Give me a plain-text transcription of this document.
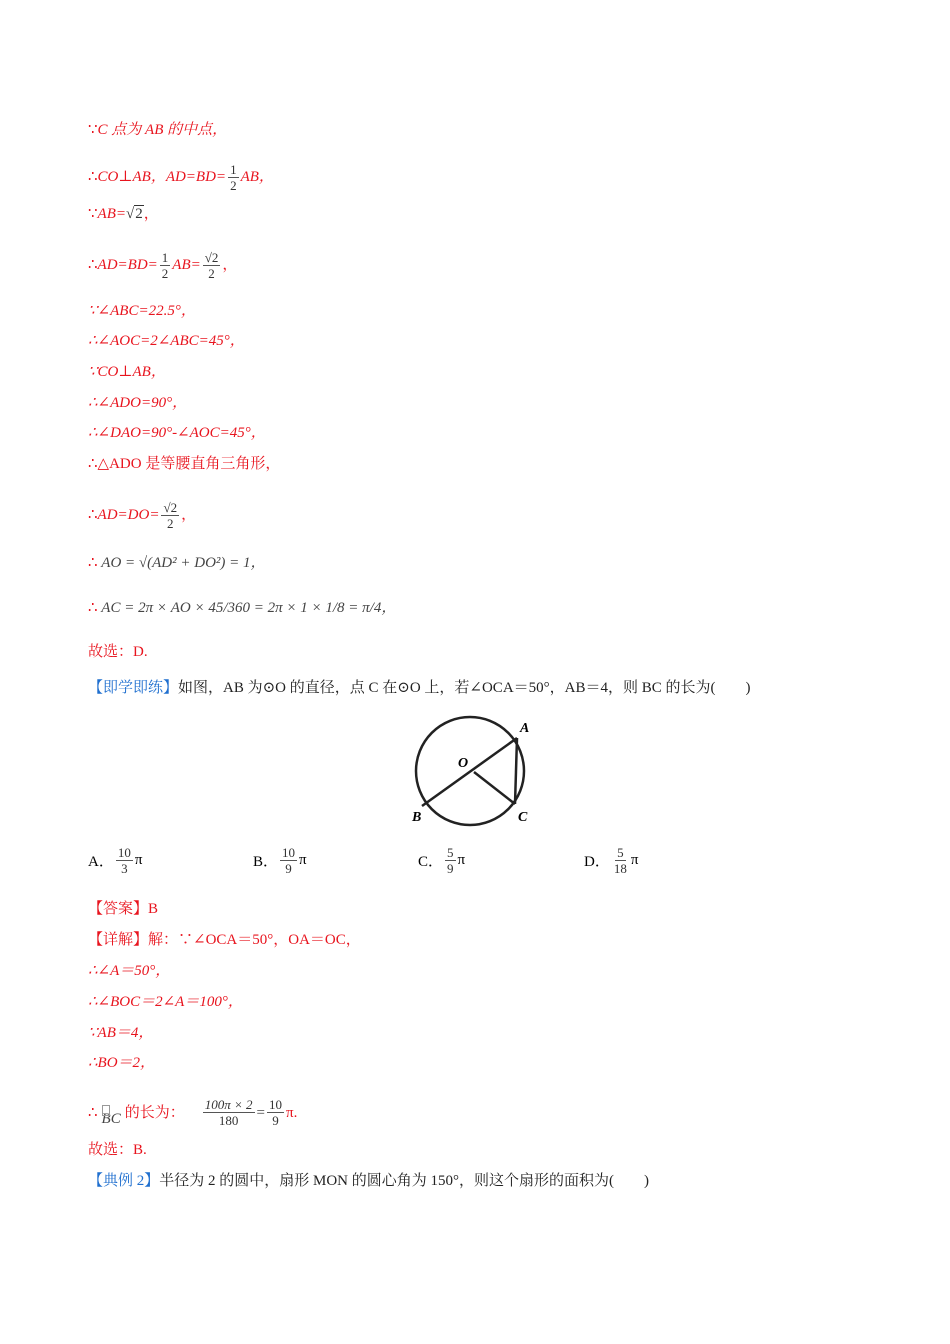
∵C 点为 AB 的中点，
∴CO⊥AB，$AD=BD= \frac{1}{2}$ AB，
∵AB=√2，
∴AD=BD= $\frac{1}{2} AB= \frac{√2}{2}$ ，
∵∠ABC=22.5°，
∴∠AOC=2∠ABC=45°，
∵CO⊥AB，
∴∠ADO=90°，
∴∠DAO=90°-∠AOC=45°，
∴△ADO 是等腰直角三角形，
∴AD=DO= $\frac{√2}{2}$ ，
∴ AO = √(AD² + DO²) = 1，
∴ AC = 2π × AO × 45/360 = 2π × 1 × 1/8 = π/4，
故选：D.
【即学即练】如图，AB 为⊙O 的直径，点 C 在⊙O 上，若∠OCA＝50°，AB＝4，则 BC 的长为(　　)
O
A
B	C
A． $\frac{10}{3}$ π	B． $\frac{10}{9}$ π	C． $\frac{5}{9}$ π	D． $\frac{5}{18}$ π
【答案】B
【详解】解：∵∠OCA＝50°，OA＝OC，
∴∠A＝50°，
∴∠BOC＝2∠A＝100°，
∵AB＝4，
∴BO＝2，
∴ BC 的长为： $\frac{100\pi \times 2}{180} = \frac{10}{9} \pi$.
故选：B.
【典例 2】半径为 2 的圆中，扇形 MON 的圆心角为 150°，则这个扇形的面积为(　　)
